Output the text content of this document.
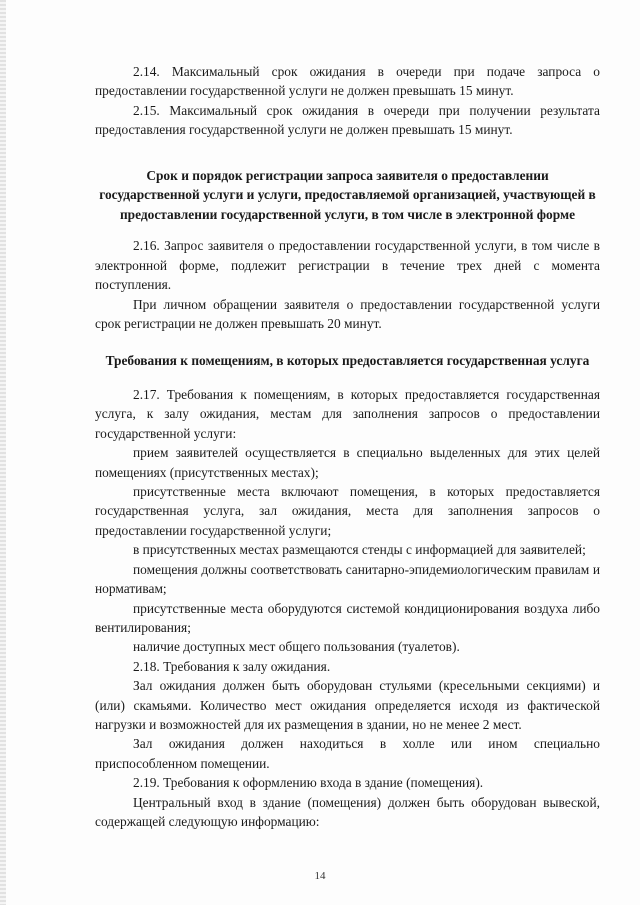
2.14. Максимальный срок ожидания в очереди при подаче запроса о предоставлении государственной услуги не должен превышать 15 минут.

2.15. Максимальный срок ожидания в очереди при получении результата предоставления государственной услуги не должен превышать 15 минут.

Срок и порядок регистрации запроса заявителя о предоставлении государственной услуги и услуги, предоставляемой организацией, участвующей в предоставлении государственной услуги, в том числе в электронной форме

2.16. Запрос заявителя о предоставлении государственной услуги, в том числе в электронной форме, подлежит регистрации в течение трех дней с момента поступления.

При личном обращении заявителя о предоставлении государственной услуги срок регистрации не должен превышать 20 минут.

Требования к помещениям, в которых предоставляется государственная услуга

2.17. Требования к помещениям, в которых предоставляется государственная услуга, к залу ожидания, местам для заполнения запросов о предоставлении государственной услуги:

прием заявителей осуществляется в специально выделенных для этих целей помещениях (присутственных местах);

присутственные места включают помещения, в которых предоставляется государственная услуга, зал ожидания, места для заполнения запросов о предоставлении государственной услуги;

в присутственных местах размещаются стенды с информацией для заявителей;

помещения должны соответствовать санитарно-эпидемиологическим правилам и нормативам;

присутственные места оборудуются системой кондиционирования воздуха либо вентилирования;

наличие доступных мест общего пользования (туалетов).

2.18. Требования к залу ожидания.

Зал ожидания должен быть оборудован стульями (кресельными секциями) и (или) скамьями. Количество мест ожидания определяется исходя из фактической нагрузки и возможностей для их размещения в здании, но не менее 2 мест.

Зал ожидания должен находиться в холле или ином специально приспособленном помещении.

2.19. Требования к оформлению входа в здание (помещения).

Центральный вход в здание (помещения) должен быть оборудован вывеской, содержащей следующую информацию:

14
